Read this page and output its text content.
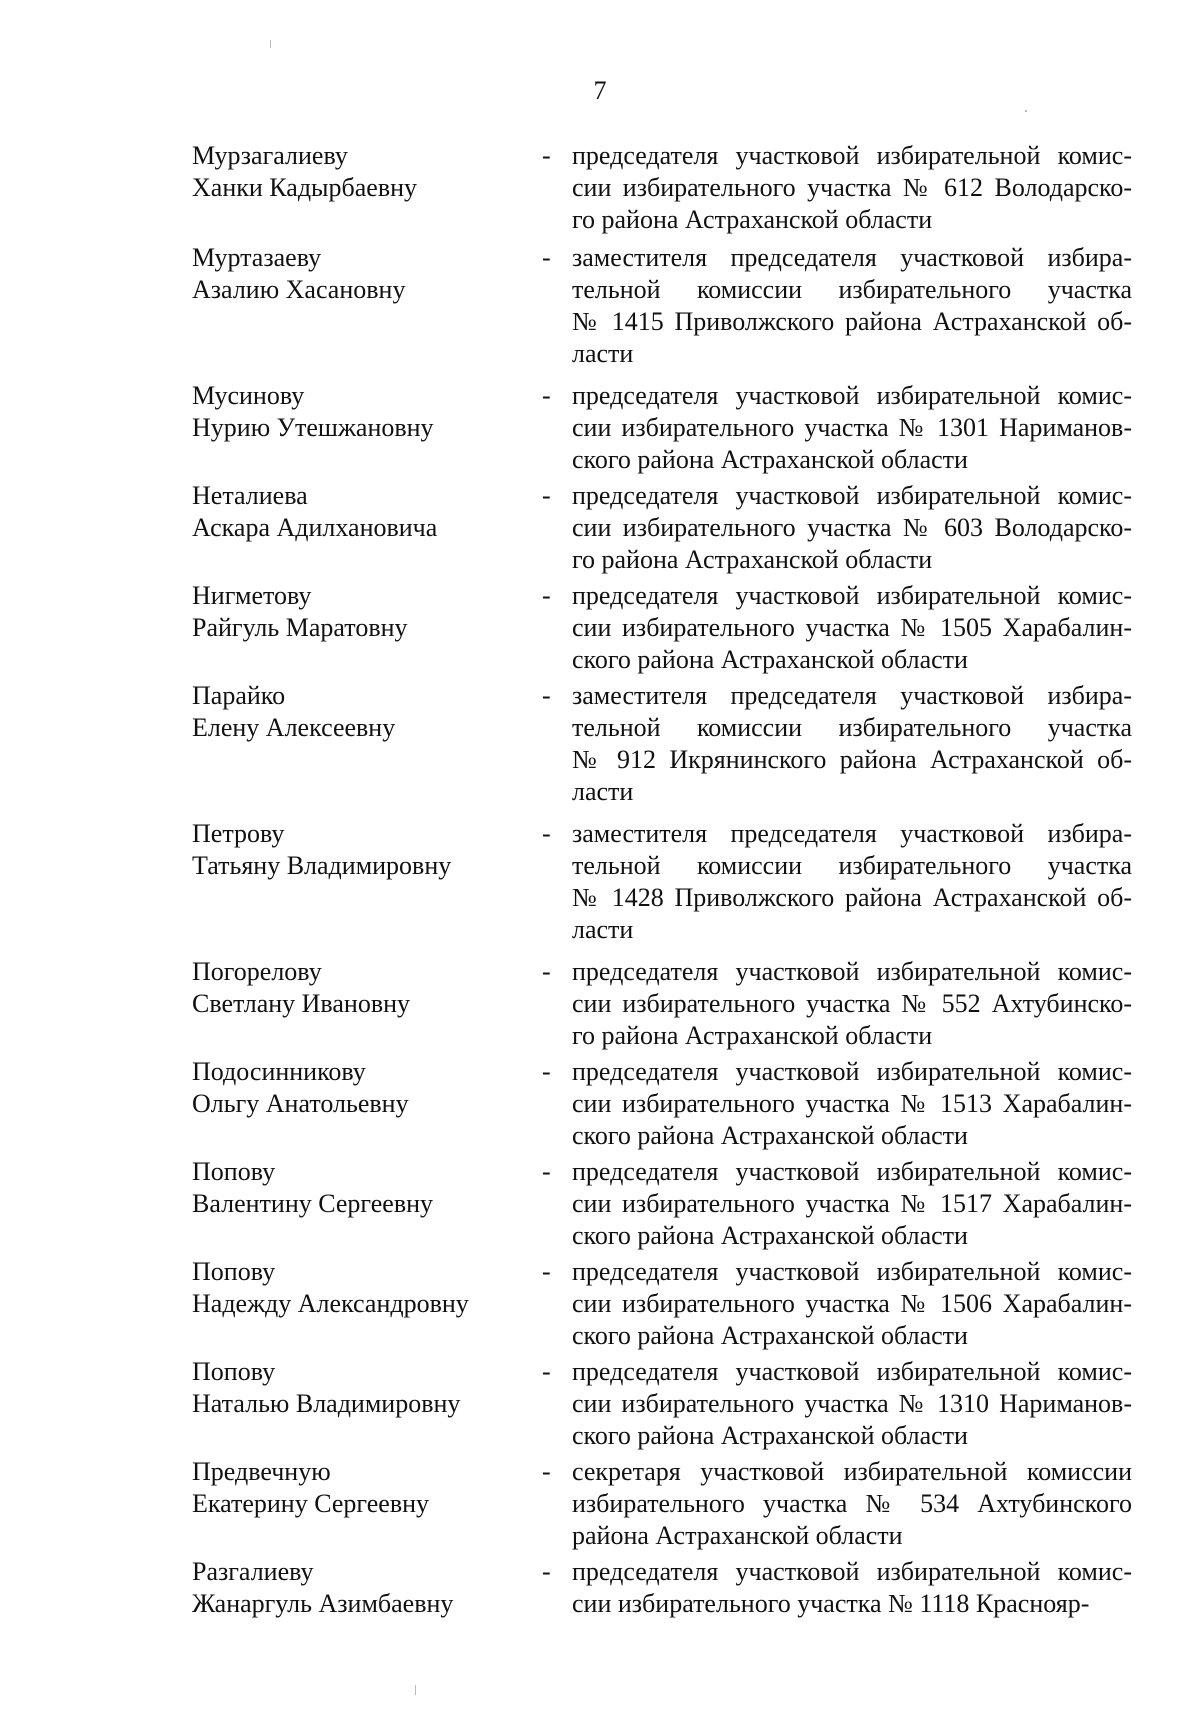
7
Мурзагалиеву
Ханки Кадырбаевну
- председателя участковой избирательной комис-
сии избирательного участка № 612 Володарско-
го района Астраханской области
Муртазаеву
Азалию Хасановну
- заместителя председателя участковой избира-
тельной комиссии избирательного участка
№ 1415 Приволжского района Астраханской об-
ласти
Мусинову
Нурию Утешжановну
- председателя участковой избирательной комис-
сии избирательного участка № 1301 Нариманов-
ского района Астраханской области
Неталиева
Аскара Адилхановича
- председателя участковой избирательной комис-
сии избирательного участка № 603 Володарско-
го района Астраханской области
Нигметову
Райгуль Маратовну
- председателя участковой избирательной комис-
сии избирательного участка № 1505 Харабалин-
ского района Астраханской области
Парайко
Елену Алексеевну
- заместителя председателя участковой избира-
тельной комиссии избирательного участка
№ 912 Икрянинского района Астраханской об-
ласти
Петрову
Татьяну Владимировну
- заместителя председателя участковой избира-
тельной комиссии избирательного участка
№ 1428 Приволжского района Астраханской об-
ласти
Погорелову
Светлану Ивановну
- председателя участковой избирательной комис-
сии избирательного участка № 552 Ахтубинско-
го района Астраханской области
Подосинникову
Ольгу Анатольевну
- председателя участковой избирательной комис-
сии избирательного участка № 1513 Харабалин-
ского района Астраханской области
Попову
Валентину Сергеевну
- председателя участковой избирательной комис-
сии избирательного участка № 1517 Харабалин-
ского района Астраханской области
Попову
Надежду Александровну
- председателя участковой избирательной комис-
сии избирательного участка № 1506 Харабалин-
ского района Астраханской области
Попову
Наталью Владимировну
- председателя участковой избирательной комис-
сии избирательного участка № 1310 Нариманов-
ского района Астраханской области
Предвечную
Екатерину Сергеевну
- секретаря участковой избирательной комиссии
избирательного участка № 534 Ахтубинского
района Астраханской области
Разгалиеву
Жанаргуль Азимбаевну
- председателя участковой избирательной комис-
сии избирательного участка № 1118 Краснояр-
